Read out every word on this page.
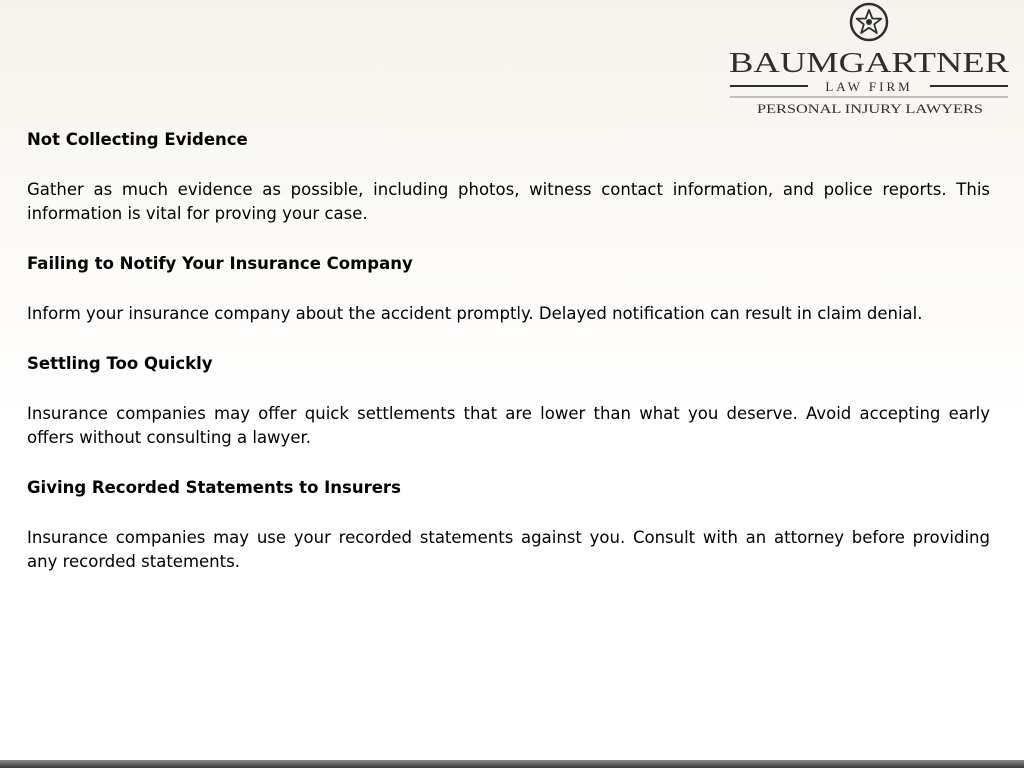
BAUMGARTNER
LAW FIRM
PERSONAL INJURY LAWYERS
Not Collecting Evidence

Gather as much evidence as possible, including photos, witness contact information, and police reports. This information is vital for proving your case.

Failing to Notify Your Insurance Company

Inform your insurance company about the accident promptly. Delayed notification can result in claim denial.

Settling Too Quickly

Insurance companies may offer quick settlements that are lower than what you deserve. Avoid accepting early offers without consulting a lawyer.

Giving Recorded Statements to Insurers

Insurance companies may use your recorded statements against you. Consult with an attorney before providing any recorded statements.
